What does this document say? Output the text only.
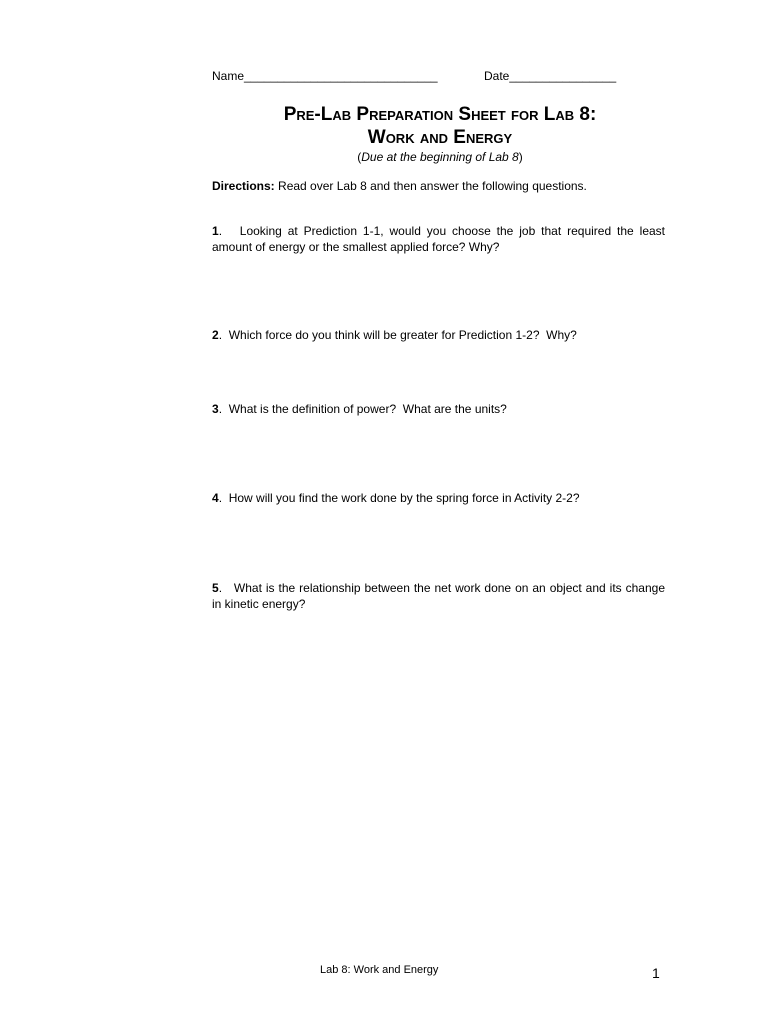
Name_____________________________	Date________________
Pre-Lab Preparation Sheet for Lab 8:
Work and Energy
(Due at the beginning of Lab 8)
Directions: Read over Lab 8 and then answer the following questions.
1.   Looking at Prediction 1-1, would you choose the job that required the least amount of energy or the smallest applied force? Why?
2.  Which force do you think will be greater for Prediction 1-2?  Why?
3.  What is the definition of power?  What are the units?
4.  How will you find the work done by the spring force in Activity 2-2?
5.   What is the relationship between the net work done on an object and its change in kinetic energy?
Lab 8: Work and Energy	1
